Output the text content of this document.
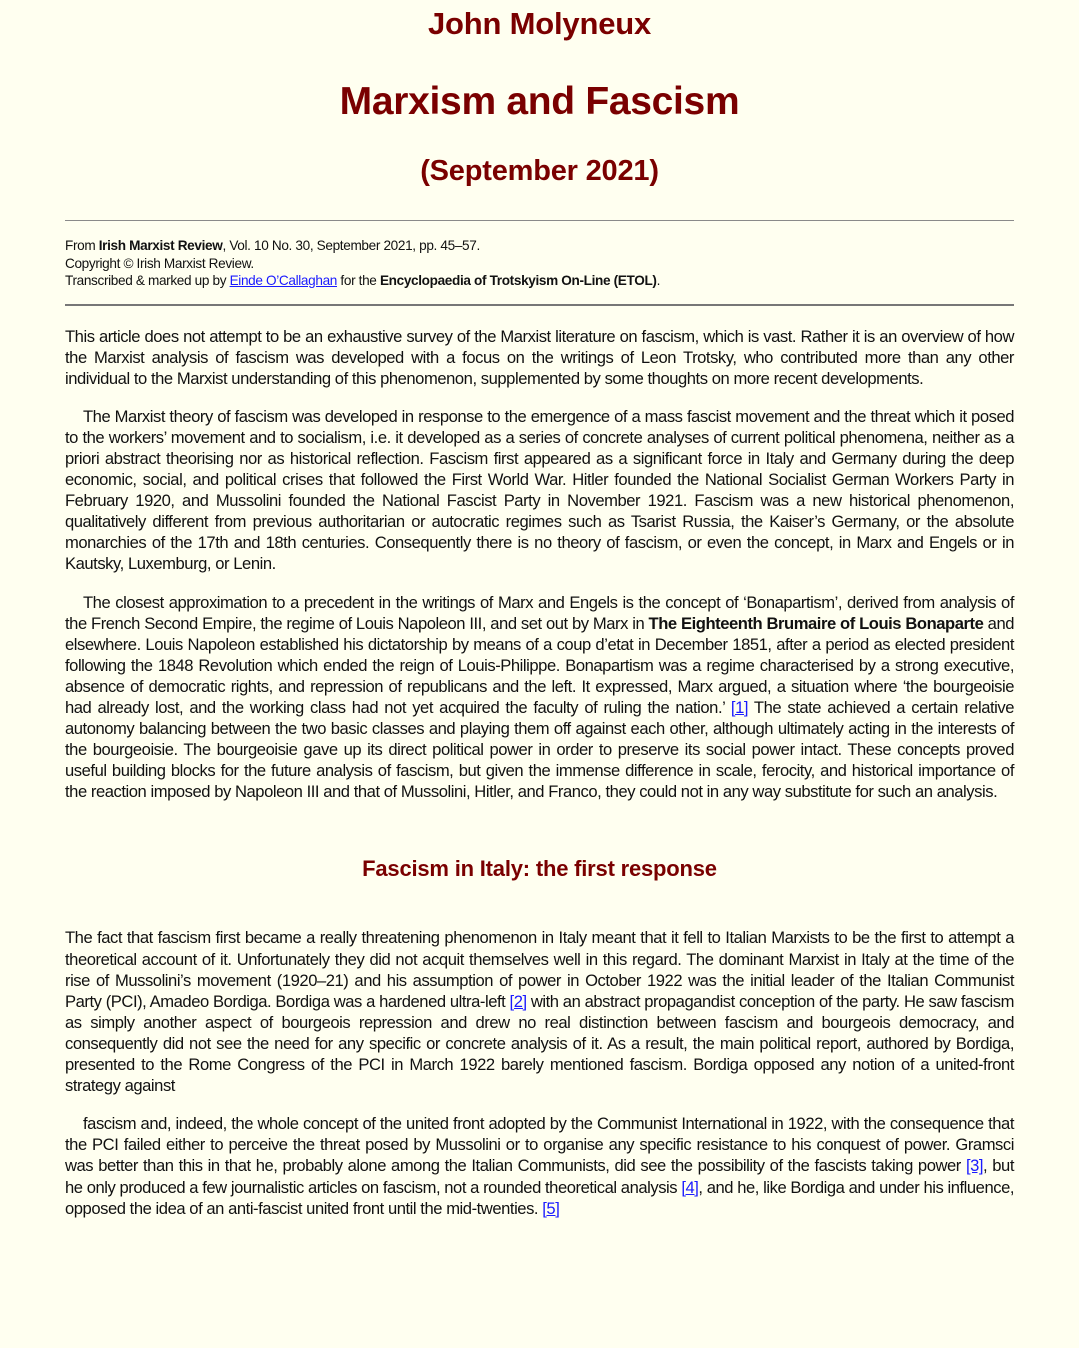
John Molyneux
Marxism and Fascism
(September 2021)
From Irish Marxist Review, Vol. 10 No. 30, September 2021, pp. 45–57.
Copyright © Irish Marxist Review.
Transcribed & marked up by Einde O’Callaghan for the Encyclopaedia of Trotskyism On-Line (ETOL).

This article does not attempt to be an exhaustive survey of the Marxist literature on fascism, which is vast. Rather it is an overview of how the Marxist analysis of fascism was developed with a focus on the writings of Leon Trotsky, who contributed more than any other individual to the Marxist understanding of this phenomenon, supplemented by some thoughts on more recent developments.

The Marxist theory of fascism was developed in response to the emergence of a mass fascist movement and the threat which it posed to the workers’ movement and to socialism, i.e. it developed as a series of concrete analyses of current political phenomena, neither as a priori abstract theorising nor as historical reflection. Fascism first appeared as a significant force in Italy and Germany during the deep economic, social, and political crises that followed the First World War. Hitler founded the National Socialist German Workers Party in February 1920, and Mussolini founded the National Fascist Party in November 1921. Fascism was a new historical phenomenon, qualitatively different from previous authoritarian or autocratic regimes such as Tsarist Russia, the Kaiser’s Germany, or the absolute monarchies of the 17th and 18th centuries. Consequently there is no theory of fascism, or even the concept, in Marx and Engels or in Kautsky, Luxemburg, or Lenin.

The closest approximation to a precedent in the writings of Marx and Engels is the concept of ‘Bonapartism’, derived from analysis of the French Second Empire, the regime of Louis Napoleon III, and set out by Marx in The Eighteenth Brumaire of Louis Bonaparte and elsewhere. Louis Napoleon established his dictatorship by means of a coup d’etat in December 1851, after a period as elected president following the 1848 Revolution which ended the reign of Louis-Philippe. Bonapartism was a regime characterised by a strong executive, absence of democratic rights, and repression of republicans and the left. It expressed, Marx argued, a situation where ‘the bourgeoisie had already lost, and the working class had not yet acquired the faculty of ruling the nation.’ [1] The state achieved a certain relative autonomy balancing between the two basic classes and playing them off against each other, although ultimately acting in the interests of the bourgeoisie. The bourgeoisie gave up its direct political power in order to preserve its social power intact. These concepts proved useful building blocks for the future analysis of fascism, but given the immense difference in scale, ferocity, and historical importance of the reaction imposed by Napoleon III and that of Mussolini, Hitler, and Franco, they could not in any way substitute for such an analysis.

Fascism in Italy: the first response

The fact that fascism first became a really threatening phenomenon in Italy meant that it fell to Italian Marxists to be the first to attempt a theoretical account of it. Unfortunately they did not acquit themselves well in this regard. The dominant Marxist in Italy at the time of the rise of Mussolini’s movement (1920–21) and his assumption of power in October 1922 was the initial leader of the Italian Communist Party (PCI), Amadeo Bordiga. Bordiga was a hardened ultra-left [2] with an abstract propagandist conception of the party. He saw fascism as simply another aspect of bourgeois repression and drew no real distinction between fascism and bourgeois democracy, and consequently did not see the need for any specific or concrete analysis of it. As a result, the main political report, authored by Bordiga, presented to the Rome Congress of the PCI in March 1922 barely mentioned fascism. Bordiga opposed any notion of a united-front strategy against

fascism and, indeed, the whole concept of the united front adopted by the Communist International in 1922, with the consequence that the PCI failed either to perceive the threat posed by Mussolini or to organise any specific resistance to his conquest of power. Gramsci was better than this in that he, probably alone among the Italian Communists, did see the possibility of the fascists taking power [3], but he only produced a few journalistic articles on fascism, not a rounded theoretical analysis [4], and he, like Bordiga and under his influence, opposed the idea of an anti-fascist united front until the mid-twenties. [5]
